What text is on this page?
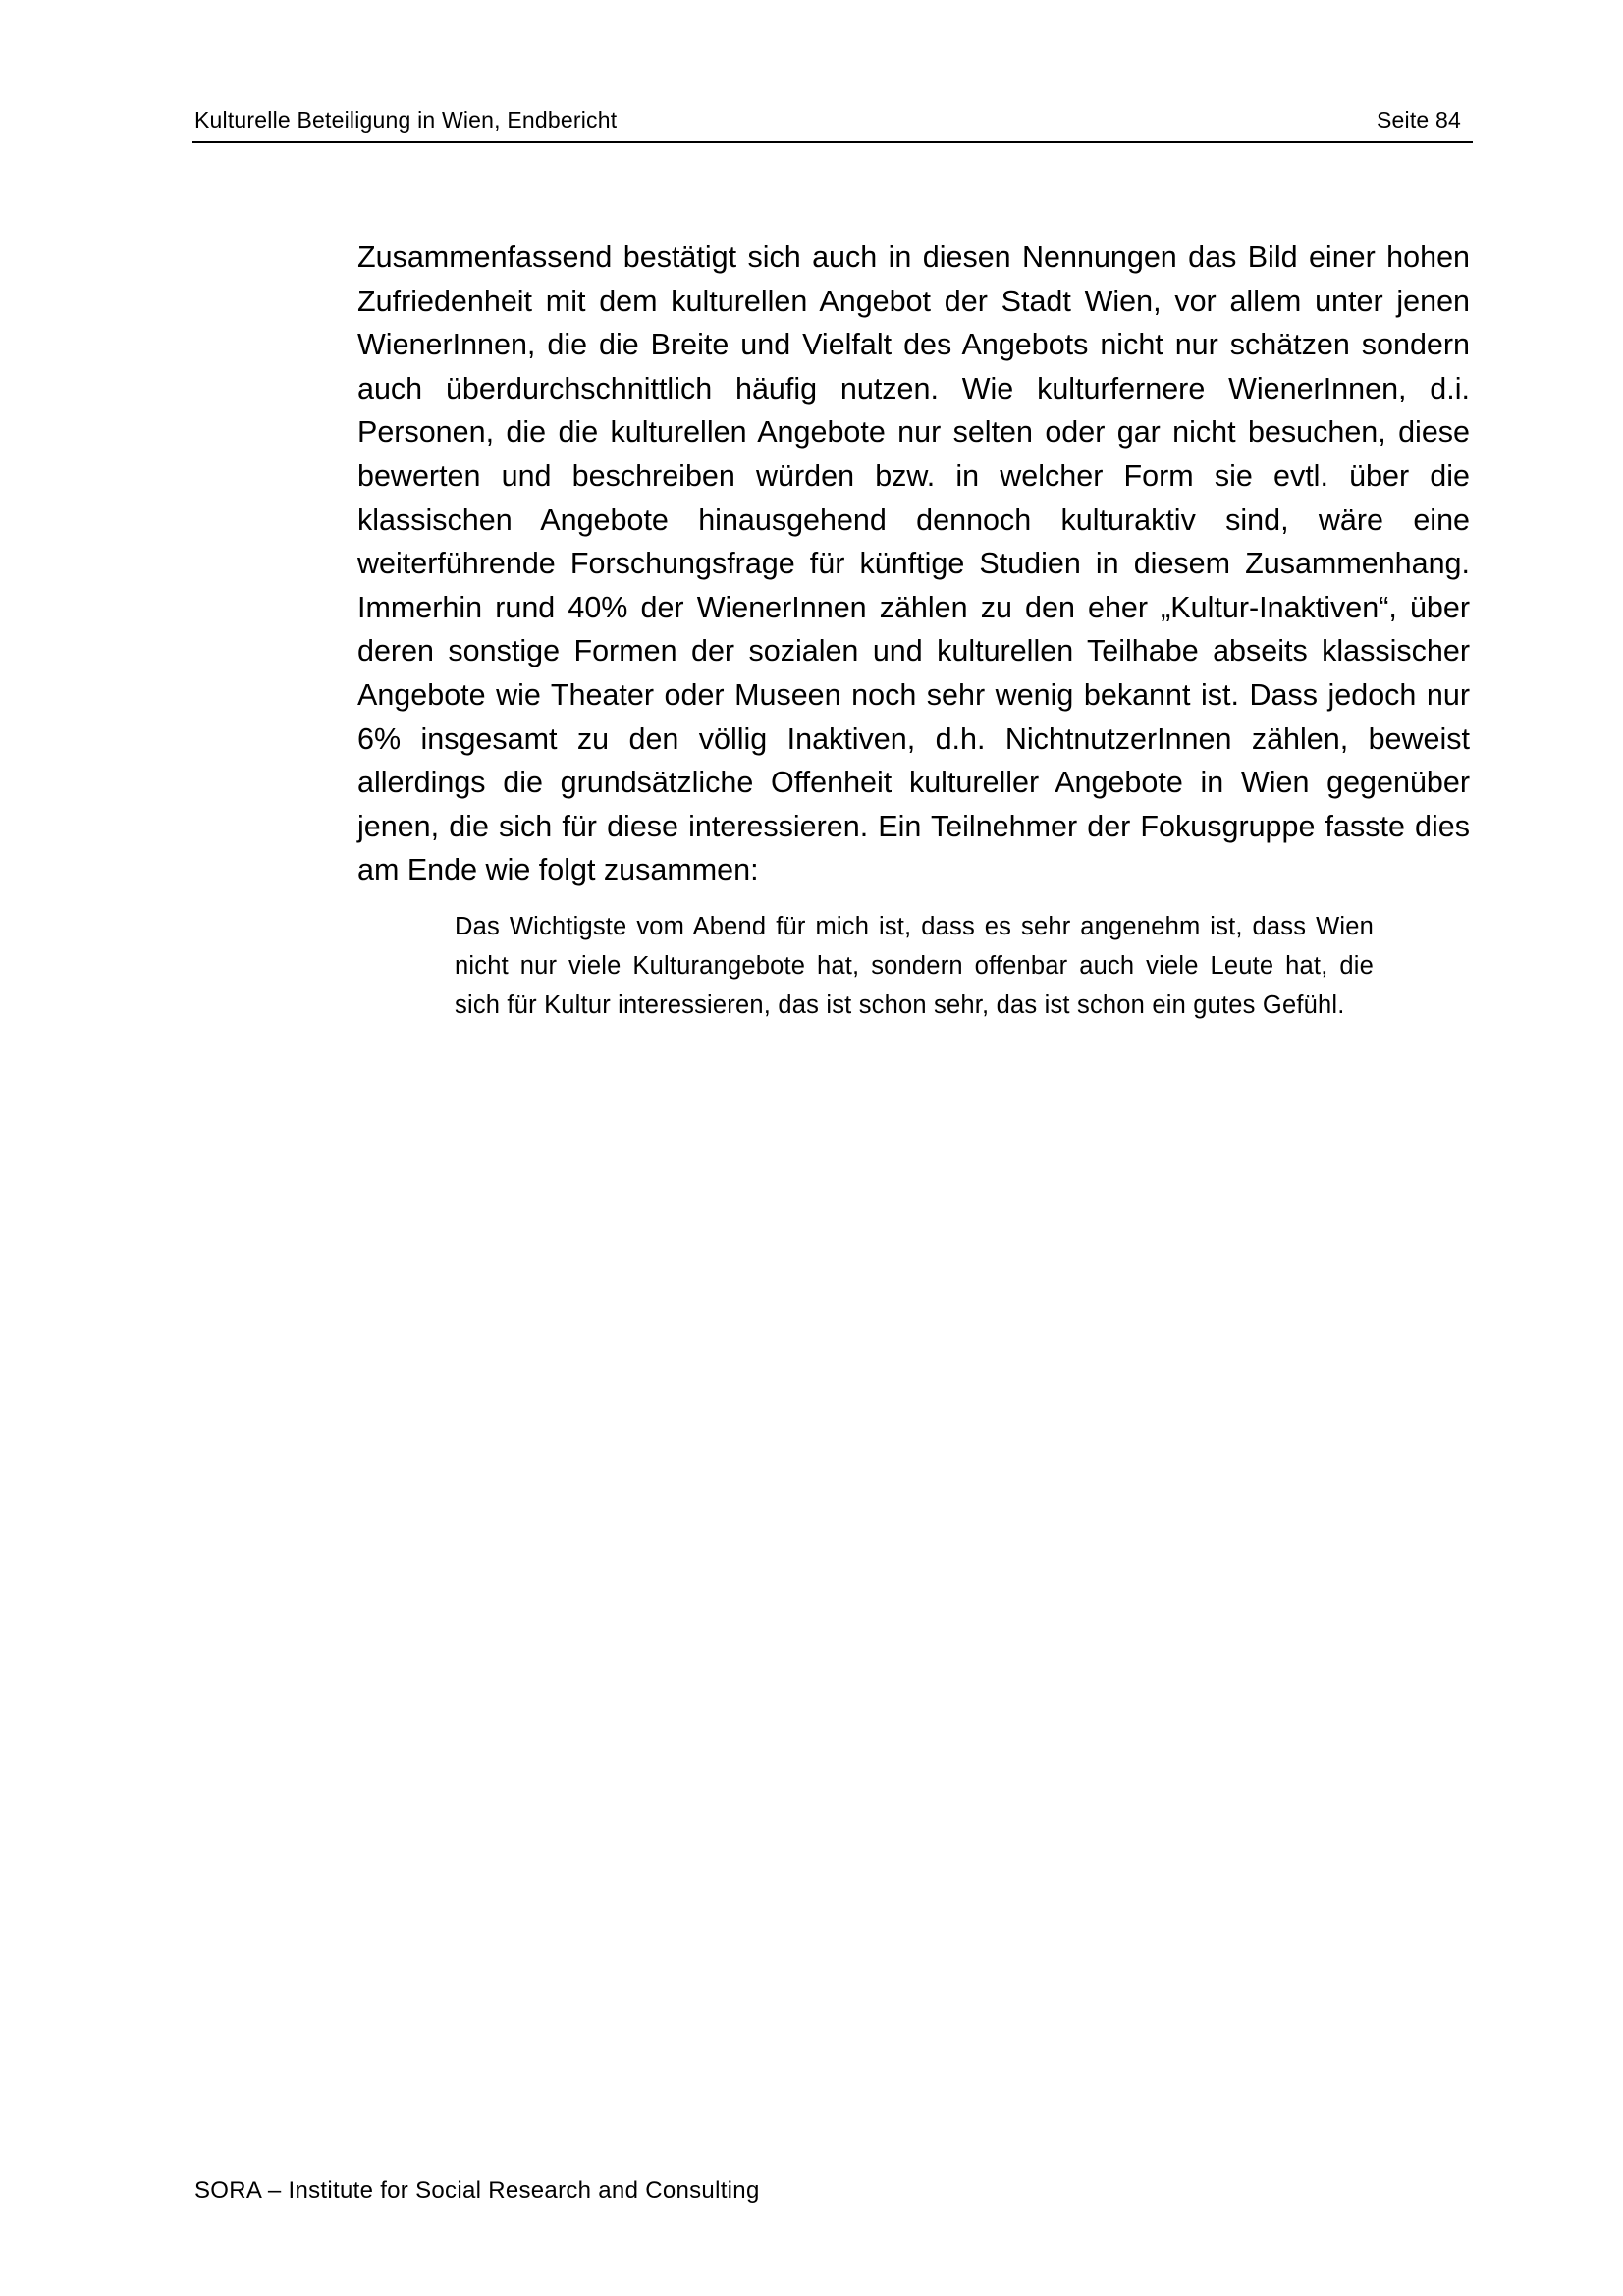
Kulturelle Beteiligung in Wien, Endbericht	Seite 84

Zusammenfassend bestätigt sich auch in diesen Nennungen das Bild einer hohen Zufriedenheit mit dem kulturellen Angebot der Stadt Wien, vor allem unter jenen WienerInnen, die die Breite und Vielfalt des Angebots nicht nur schätzen sondern auch überdurchschnittlich häufig nutzen. Wie kulturfernere WienerInnen, d.i. Personen, die die kulturellen Angebote nur selten oder gar nicht besuchen, diese bewerten und beschreiben würden bzw. in welcher Form sie evtl. über die klassischen Angebote hinausgehend dennoch kulturaktiv sind, wäre eine weiterführende Forschungsfrage für künftige Studien in diesem Zusammenhang. Immerhin rund 40% der WienerInnen zählen zu den eher „Kultur-Inaktiven“, über deren sonstige Formen der sozialen und kulturellen Teilhabe abseits klassischer Angebote wie Theater oder Museen noch sehr wenig bekannt ist. Dass jedoch nur 6% insgesamt zu den völlig Inaktiven, d.h. NichtnutzerInnen zählen, beweist allerdings die grundsätzliche Offenheit kultureller Angebote in Wien gegenüber jenen, die sich für diese interessieren. Ein Teilnehmer der Fokusgruppe fasste dies am Ende wie folgt zusammen:

Das Wichtigste vom Abend für mich ist, dass es sehr angenehm ist, dass Wien nicht nur viele Kulturangebote hat, sondern offenbar auch viele Leute hat, die sich für Kultur interessieren, das ist schon sehr, das ist schon ein gutes Gefühl.

SORA – Institute for Social Research and Consulting
